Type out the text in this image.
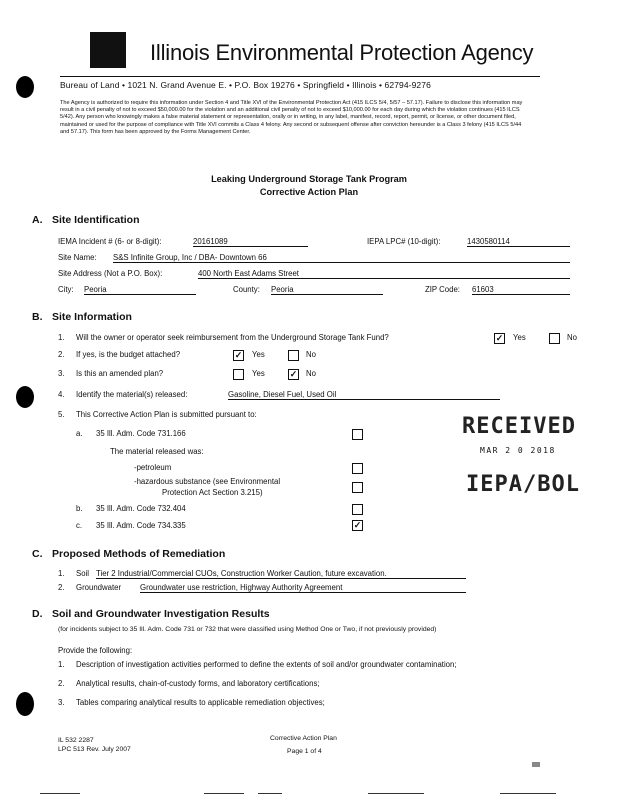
Illinois Environmental Protection Agency
Bureau of Land • 1021 N. Grand Avenue E. • P.O. Box 19276 • Springfield • Illinois • 62794-9276
The Agency is authorized to require this information under Section 4 and Title XVI of the Environmental Protection Act (415 ILCS 5/4, 5/57 – 57.17). Failure to disclose this information may result in a civil penalty of not to exceed $50,000.00 for the violation and an additional civil penalty of not to exceed $10,000.00 for each day during which the violation continues (415 ILCS 5/42). Any person who knowingly makes a false material statement or representation, orally or in writing, in any label, manifest, record, report, permit, or license, or other document filed, maintained or used for the purpose of compliance with Title XVI commits a Class 4 felony. Any second or subsequent offense after conviction hereunder is a Class 3 felony (415 ILCS 5/44 and 57.17). This form has been approved by the Forms Management Center.
Leaking Underground Storage Tank Program
Corrective Action Plan
A. Site Identification
IEMA Incident # (6- or 8-digit):	20161089	IEPA LPC# (10-digit):	1430580114
Site Name: S&S Infinite Group, Inc / DBA- Downtown 66
Site Address (Not a P.O. Box):	400 North East Adams Street
City: Peoria	County: Peoria	ZIP Code: 61603
B. Site Information
1. Will the owner or operator seek reimbursement from the Underground Storage Tank Fund?	✓ Yes	No
2. If yes, is the budget attached?	✓ Yes	No
3. Is this an amended plan?	Yes	✓ No
4. Identify the material(s) released:	Gasoline, Diesel Fuel, Used Oil
5. This Corrective Action Plan is submitted pursuant to:
a. 35 Ill. Adm. Code 731.166
The material released was:
-petroleum
-hazardous substance (see Environmental
Protection Act Section 3.215)
b. 35 Ill. Adm. Code 732.404
c. 35 Ill. Adm. Code 734.335	✓
RECEIVED
MAR 2 0 2018
IEPA/BOL
C. Proposed Methods of Remediation
1. Soil Tier 2 Industrial/Commercial CUOs, Construction Worker Caution, future excavation.
2. Groundwater Groundwater use restriction, Highway Authority Agreement
D. Soil and Groundwater Investigation Results
(for incidents subject to 35 Ill. Adm. Code 731 or 732 that were classified using Method One or Two, if not previously provided)
Provide the following:
1. Description of investigation activities performed to define the extents of soil and/or groundwater contamination;
2. Analytical results, chain-of-custody forms, and laboratory certifications;
3. Tables comparing analytical results to applicable remediation objectives;
IL 532 2287
LPC 513 Rev. July 2007
Corrective Action Plan
Page 1 of 4
